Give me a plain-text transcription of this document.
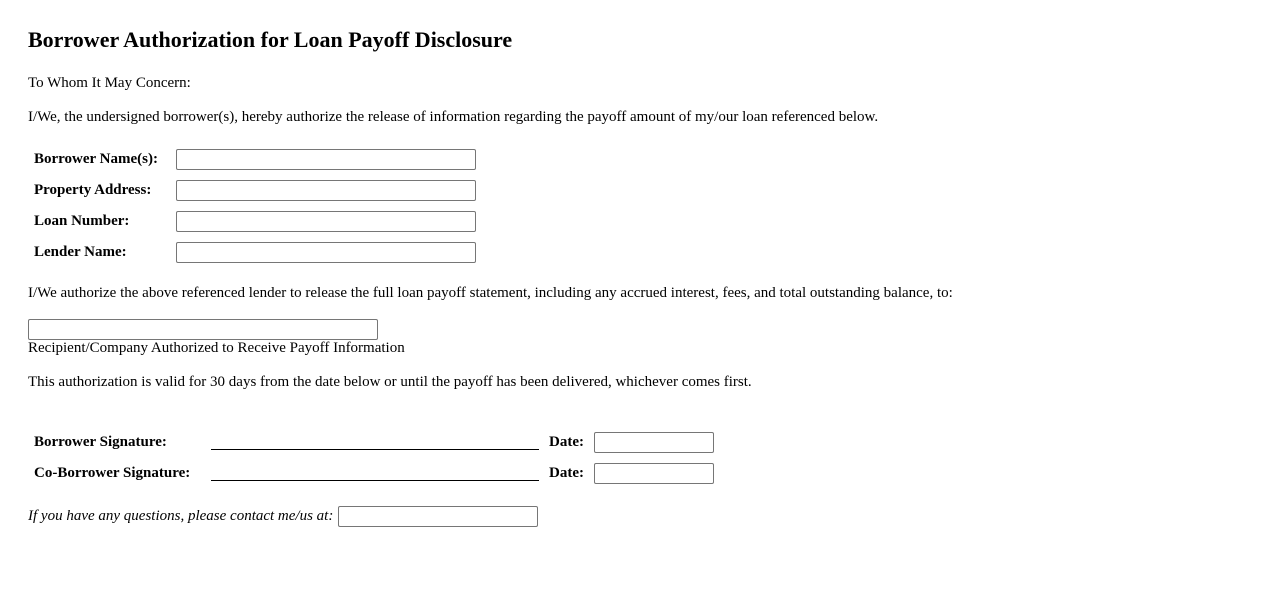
Borrower Authorization for Loan Payoff Disclosure

To Whom It May Concern:

I/We, the undersigned borrower(s), hereby authorize the release of information regarding the payoff amount of my/our loan referenced below.

Borrower Name(s):
Property Address:
Loan Number:
Lender Name:

I/We authorize the above referenced lender to release the full loan payoff statement, including any accrued interest, fees, and total outstanding balance, to:

Recipient/Company Authorized to Receive Payoff Information

This authorization is valid for 30 days from the date below or until the payoff has been delivered, whichever comes first.

Borrower Signature:	Date:
Co-Borrower Signature:	Date:
If you have any questions, please contact me/us at:
